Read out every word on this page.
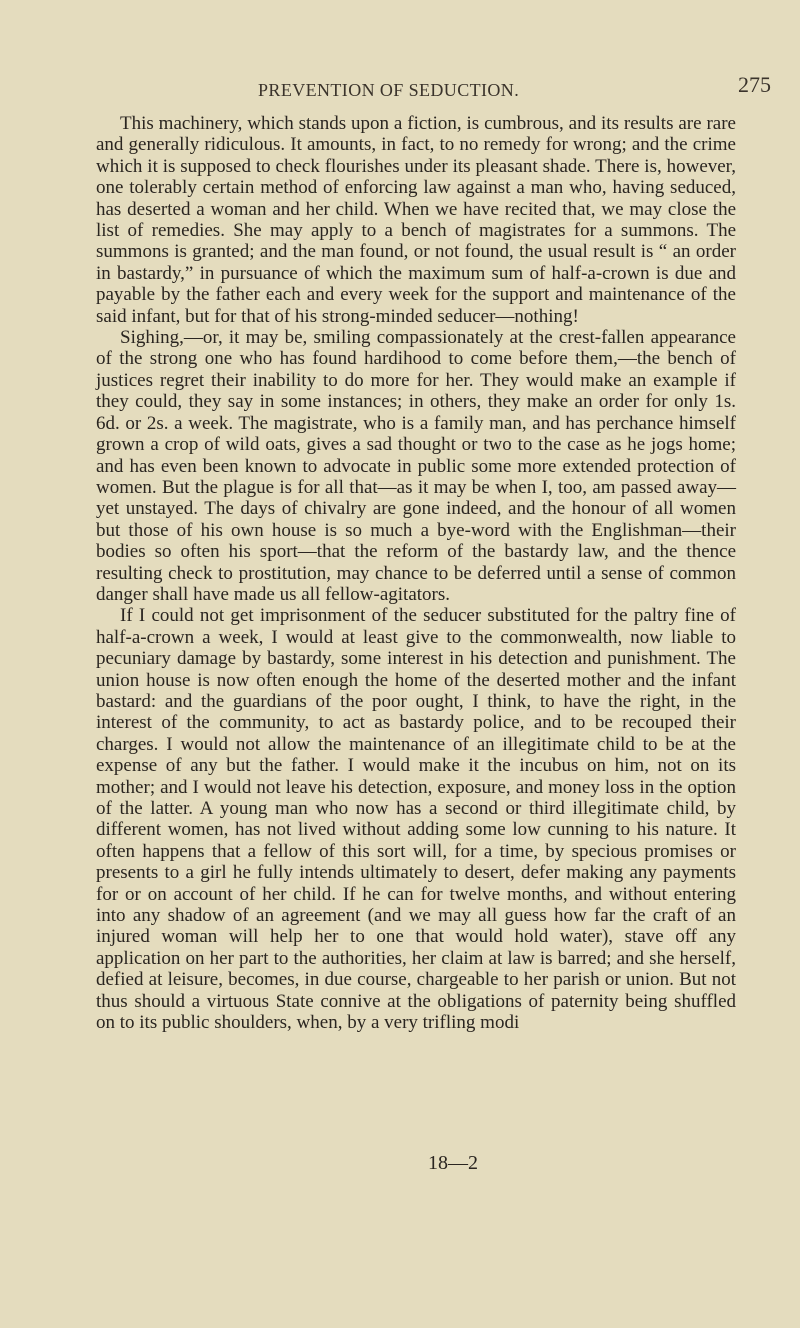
PREVENTION OF SEDUCTION.	275

This machinery, which stands upon a fiction, is cumbrous, and its results are rare and generally ridiculous. It amounts, in fact, to no remedy for wrong; and the crime which it is supposed to check flourishes under its pleasant shade. There is, however, one tolerably certain method of enforcing law against a man who, having seduced, has deserted a woman and her child. When we have recited that, we may close the list of remedies. She may apply to a bench of magistrates for a summons. The summons is granted; and the man found, or not found, the usual result is “ an order in bastardy,” in pursuance of which the maximum sum of half-a-crown is due and payable by the father each and every week for the support and maintenance of the said infant, but for that of his strong-minded seducer—nothing!

Sighing,—or, it may be, smiling compassionately at the crest-fallen appearance of the strong one who has found hardihood to come before them,—the bench of justices regret their inability to do more for her. They would make an example if they could, they say in some instances; in others, they make an order for only 1s. 6d. or 2s. a week. The magistrate, who is a family man, and has perchance himself grown a crop of wild oats, gives a sad thought or two to the case as he jogs home; and has even been known to advocate in public some more extended protection of women. But the plague is for all that—as it may be when I, too, am passed away—yet unstayed. The days of chivalry are gone indeed, and the honour of all women but those of his own house is so much a bye-word with the Englishman—their bodies so often his sport—that the reform of the bastardy law, and the thence resulting check to prostitution, may chance to be deferred until a sense of common danger shall have made us all fellow-agitators.

If I could not get imprisonment of the seducer substituted for the paltry fine of half-a-crown a week, I would at least give to the commonwealth, now liable to pecuniary damage by bastardy, some interest in his detection and punishment. The union house is now often enough the home of the deserted mother and the infant bastard: and the guardians of the poor ought, I think, to have the right, in the interest of the community, to act as bastardy police, and to be recouped their charges. I would not allow the maintenance of an illegitimate child to be at the expense of any but the father. I would make it the incubus on him, not on its mother; and I would not leave his detection, exposure, and money loss in the option of the latter. A young man who now has a second or third illegitimate child, by different women, has not lived without adding some low cunning to his nature. It often happens that a fellow of this sort will, for a time, by specious promises or presents to a girl he fully intends ultimately to desert, defer making any payments for or on account of her child. If he can for twelve months, and without entering into any shadow of an agreement (and we may all guess how far the craft of an injured woman will help her to one that would hold water), stave off any application on her part to the authorities, her claim at law is barred; and she herself, defied at leisure, becomes, in due course, chargeable to her parish or union. But not thus should a virtuous State connive at the obligations of paternity being shuffled on to its public shoulders, when, by a very trifling modi

18—2
